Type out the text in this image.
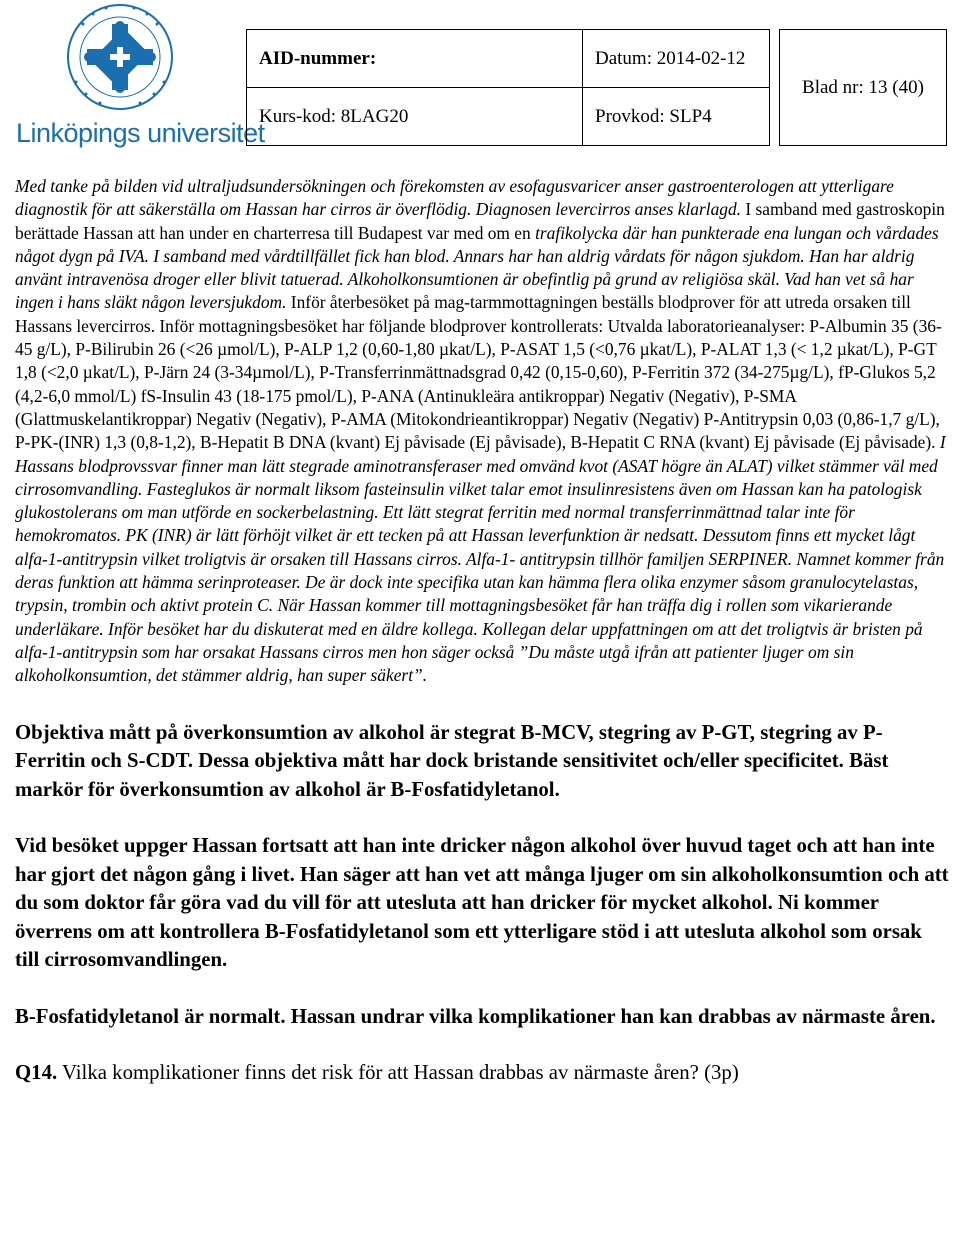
Linköpings universitet
AID-nummer:	Datum: 2014-02-12		Blad nr: 13 (40)
Kurs-kod: 8LAG20	Provkod: SLP4		

Med tanke på bilden vid ultraljudsundersökningen och förekomsten av esofagusvaricer anser gastroenterologen att ytterligare diagnostik för att säkerställa om Hassan har cirros är överflödig. Diagnosen levercirros anses klarlagd. I samband med gastroskopin berättade Hassan att han under en charterresa till Budapest var med om en trafikolycka där han punkterade ena lungan och vårdades något dygn på IVA. I samband med vårdtillfället fick han blod. Annars har han aldrig vårdats för någon sjukdom. Han har aldrig använt intravenösa droger eller blivit tatuerad. Alkoholkonsumtionen är obefintlig på grund av religiösa skäl. Vad han vet så har ingen i hans släkt någon leversjukdom. Inför återbesöket på mag-tarmmottagningen beställs blodprover för att utreda orsaken till Hassans levercirros. Inför mottagningsbesöket har följande blodprover kontrollerats: Utvalda laboratorieanalyser: P-Albumin 35 (36-45 g/L), P-Bilirubin 26 (<26 µmol/L), P-ALP 1,2 (0,60-1,80 µkat/L), P-ASAT 1,5 (<0,76 µkat/L), P-ALAT 1,3 (< 1,2 µkat/L), P-GT 1,8 (<2,0 µkat/L), P-Järn 24 (3-34µmol/L), P-Transferrinmättnadsgrad 0,42 (0,15-0,60), P-Ferritin 372 (34-275µg/L), fP-Glukos 5,2 (4,2-6,0 mmol/L) fS-Insulin 43 (18-175 pmol/L), P-ANA (Antinukleära antikroppar) Negativ (Negativ), P-SMA (Glattmuskelantikroppar) Negativ (Negativ), P-AMA (Mitokondrieantikroppar) Negativ (Negativ) P-Antitrypsin 0,03 (0,86-1,7 g/L), P-PK-(INR) 1,3 (0,8-1,2), B-Hepatit B DNA (kvant) Ej påvisade (Ej påvisade), B-Hepatit C RNA (kvant) Ej påvisade (Ej påvisade). I Hassans blodprovssvar finner man lätt stegrade aminotransferaser med omvänd kvot (ASAT högre än ALAT) vilket stämmer väl med cirrosomvandling. Fasteglukos är normalt liksom fasteinsulin vilket talar emot insulinresistens även om Hassan kan ha patologisk glukostolerans om man utförde en sockerbelastning. Ett lätt stegrat ferritin med normal transferrinmättnad talar inte för hemokromatos. PK (INR) är lätt förhöjt vilket är ett tecken på att Hassan leverfunktion är nedsatt. Dessutom finns ett mycket lågt alfa-1-antitrypsin vilket troligtvis är orsaken till Hassans cirros. Alfa-1- antitrypsin tillhör familjen SERPINER. Namnet kommer från deras funktion att hämma serinproteaser. De är dock inte specifika utan kan hämma flera olika enzymer såsom granulocytelastas, trypsin, trombin och aktivt protein C. När Hassan kommer till mottagningsbesöket får han träffa dig i rollen som vikarierande underläkare. Inför besöket har du diskuterat med en äldre kollega. Kollegan delar uppfattningen om att det troligtvis är bristen på alfa-1-antitrypsin som har orsakat Hassans cirros men hon säger också ”Du måste utgå ifrån att patienter ljuger om sin alkoholkonsumtion, det stämmer aldrig, han super säkert”.

Objektiva mått på överkonsumtion av alkohol är stegrat B-MCV, stegring av P-GT, stegring av P-Ferritin och S-CDT. Dessa objektiva mått har dock bristande sensitivitet och/eller specificitet. Bäst markör för överkonsumtion av alkohol är B-Fosfatidyletanol.

Vid besöket uppger Hassan fortsatt att han inte dricker någon alkohol över huvud taget och att han inte har gjort det någon gång i livet. Han säger att han vet att många ljuger om sin alkoholkonsumtion och att du som doktor får göra vad du vill för att utesluta att han dricker för mycket alkohol. Ni kommer överrens om att kontrollera B-Fosfatidyletanol som ett ytterligare stöd i att utesluta alkohol som orsak till cirrosomvandlingen.

B-Fosfatidyletanol är normalt. Hassan undrar vilka komplikationer han kan drabbas av närmaste åren.

Q14. Vilka komplikationer finns det risk för att Hassan drabbas av närmaste åren? (3p)
